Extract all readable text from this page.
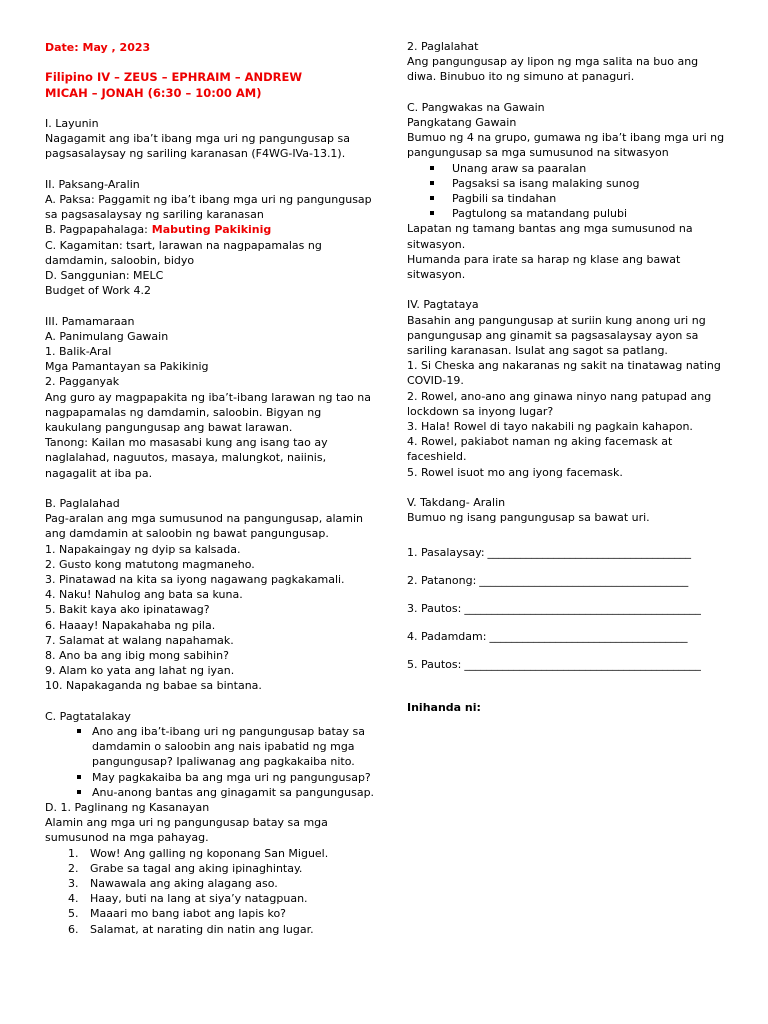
Date: May , 2023
Filipino IV – ZEUS – EPHRAIM – ANDREW MICAH – JONAH (6:30 – 10:00 AM)
I. Layunin
Nagagamit ang iba’t ibang mga uri ng pangungusap sa pagsasalaysay ng sariling karanasan (F4WG-IVa-13.1).
II. Paksang-Aralin
A. Paksa: Paggamit ng iba’t ibang mga uri ng pangungusap sa pagsasalaysay ng sariling karanasan
B. Pagpapahalaga: Mabuting Pakikinig
C. Kagamitan: tsart, larawan na nagpapamalas ng damdamin, saloobin, bidyo
D. Sanggunian: MELC
Budget of Work 4.2
III. Pamamaraan
A. Panimulang Gawain
1. Balik-Aral
Mga Pamantayan sa Pakikinig
2. Pagganyak
Ang guro ay magpapakita ng iba’t-ibang larawan ng tao na nagpapamalas ng damdamin, saloobin. Bigyan ng kaukulang pangungusap ang bawat larawan.
Tanong: Kailan mo masasabi kung ang isang tao ay naglalahad, naguutos, masaya, malungkot, naiinis, nagagalit at iba pa.
B. Paglalahad
Pag-aralan ang mga sumusunod na pangungusap, alamin ang damdamin at saloobin ng bawat pangungusap.
1. Napakaingay ng dyip sa kalsada.
2. Gusto kong matutong magmaneho.
3. Pinatawad na kita sa iyong nagawang pagkakamali.
4. Naku! Nahulog ang bata sa kuna.
5. Bakit kaya ako ipinatawag?
6. Haaay! Napakahaba ng pila.
7. Salamat at walang napahamak.
8. Ano ba ang ibig mong sabihin?
9. Alam ko yata ang lahat ng iyan.
10. Napakaganda ng babae sa bintana.
C. Pagtatalakay
Ano ang iba’t-ibang uri ng pangungusap batay sa damdamin o saloobin ang nais ipabatid ng mga pangungusap? Ipaliwanag ang pagkakaiba nito.
May pagkakaiba ba ang mga uri ng pangungusap?
Anu-anong bantas ang ginagamit sa pangungusap.
D. 1. Paglinang ng Kasanayan
Alamin ang mga uri ng pangungusap batay sa mga sumusunod na mga pahayag.
1. Wow! Ang galling ng koponang San Miguel.
2. Grabe sa tagal ang aking ipinaghintay.
3. Nawawala ang aking alagang aso.
4. Haay, buti na lang at siya’y natagpuan.
5. Maaari mo bang iabot ang lapis ko?
6. Salamat, at narating din natin ang lugar.
2. Paglalahat
Ang pangungusap ay lipon ng mga salita na buo ang diwa. Binubuo ito ng simuno at panaguri.
C. Pangwakas na Gawain
Pangkatang Gawain
Bumuo ng 4 na grupo, gumawa ng iba’t ibang mga uri ng pangungusap sa mga sumusunod na sitwasyon
Unang araw sa paaralan
Pagsaksi sa isang malaking sunog
Pagbili sa tindahan
Pagtulong sa matandang pulubi
Lapatan ng tamang bantas ang mga sumusunod na sitwasyon.
Humanda para irate sa harap ng klase ang bawat sitwasyon.
IV. Pagtataya
Basahin ang pangungusap at suriin kung anong uri ng pangungusap ang ginamit sa pagsasalaysay ayon sa sariling karanasan. Isulat ang sagot sa patlang.
1. Si Cheska ang nakaranas ng sakit na tinatawag nating COVID-19.
2. Rowel, ano-ano ang ginawa ninyo nang patupad ang lockdown sa inyong lugar?
3. Hala! Rowel di tayo nakabili ng pagkain kahapon.
4. Rowel, pakiabot naman ng aking facemask at faceshield.
5. Rowel isuot mo ang iyong facemask.
V. Takdang- Aralin
Bumuo ng isang pangungusap sa bawat uri.
1. Pasalaysay: _____________________________________
2. Patanong: ______________________________________
3. Pautos: ___________________________________________
4. Padamdam: ____________________________________
5. Pautos: ___________________________________________
Inihanda ni:
